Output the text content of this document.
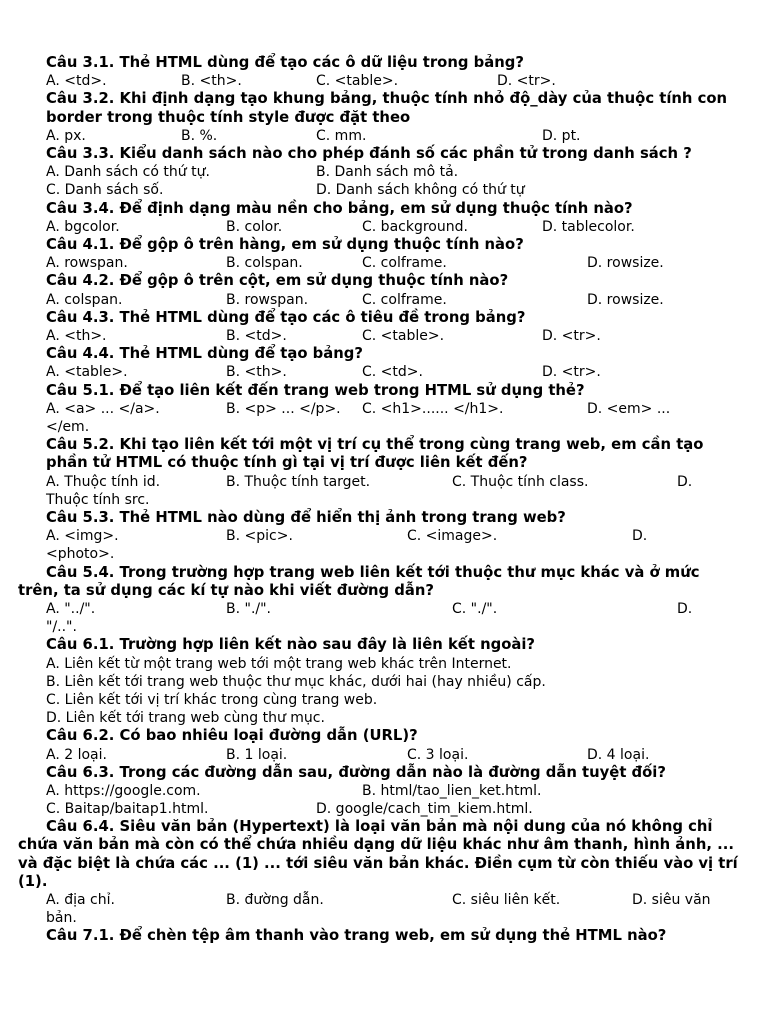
Câu 3.1. Thẻ HTML dùng để tạo các ô dữ liệu trong bảng?
A. <td>.	B. <th>.	C. <table>.	D. <tr>.
Câu 3.2. Khi định dạng tạo khung bảng, thuộc tính nhỏ độ_dày của thuộc tính con border trong thuộc tính style được đặt theo
A. px.	B. %.	C. mm.	D. pt.
Câu 3.3. Kiểu danh sách nào cho phép đánh số các phần tử trong danh sách ?
A. Danh sách có thứ tự.	B. Danh sách mô tả.
C. Danh sách số.	D. Danh sách không có thứ tự
Câu 3.4. Để định dạng màu nền cho bảng, em sử dụng thuộc tính nào?
A. bgcolor.	B. color.	C. background.	D. tablecolor.
Câu 4.1. Để gộp ô trên hàng, em sử dụng thuộc tính nào?
A. rowspan.	B. colspan.	C. colframe.	D. rowsize.
Câu 4.2. Để gộp ô trên cột, em sử dụng thuộc tính nào?
A. colspan.	B. rowspan.	C. colframe.	D. rowsize.
Câu 4.3. Thẻ HTML dùng để tạo các ô tiêu đề trong bảng?
A. <th>.	B. <td>.	C. <table>.	D. <tr>.
Câu 4.4. Thẻ HTML dùng để tạo bảng?
A. <table>.	B. <th>.	C. <td>.	D. <tr>.
Câu 5.1. Để tạo liên kết đến trang web trong HTML sử dụng thẻ?
A. <a> ... </a>.	B. <p> ... </p>. C. <h1>...... </h1>.	D. <em> ...
</em.
Câu 5.2. Khi tạo liên kết tới một vị trí cụ thể trong cùng trang web, em cần tạo phần tử HTML có thuộc tính gì tại vị trí được liên kết đến?
A. Thuộc tính id.	B. Thuộc tính target.	C. Thuộc tính class.	D.
Thuộc tính src.
Câu 5.3. Thẻ HTML nào dùng để hiển thị ảnh trong trang web?
A. <img>.	B. <pic>.	C. <image>.	D.
<photo>.
Câu 5.4. Trong trường hợp trang web liên kết tới thuộc thư mục khác và ở mức trên, ta sử dụng các kí tự nào khi viết đường dẫn?
A. "../".	B. "./".	C. "./".	D.
"/..".
Câu 6.1. Trường hợp liên kết nào sau đây là liên kết ngoài?
A. Liên kết từ một trang web tới một trang web khác trên Internet.
B. Liên kết tới trang web thuộc thư mục khác, dưới hai (hay nhiều) cấp.
C. Liên kết tới vị trí khác trong cùng trang web.
D. Liên kết tới trang web cùng thư mục.
Câu 6.2. Có bao nhiêu loại đường dẫn (URL)?
A. 2 loại.	B. 1 loại.	C. 3 loại.	D. 4 loại.
Câu 6.3. Trong các đường dẫn sau, đường dẫn nào là đường dẫn tuyệt đối?
A. https://google.com.	B. html/tao_lien_ket.html.
C. Baitap/baitap1.html.	D. google/cach_tim_kiem.html.
Câu 6.4. Siêu văn bản (Hypertext) là loại văn bản mà nội dung của nó không chỉ chứa văn bản mà còn có thể chứa nhiều dạng dữ liệu khác như âm thanh, hình ảnh, ... và đặc biệt là chứa các ... (1) ... tới siêu văn bản khác. Điền cụm từ còn thiếu vào vị trí (1).
A. địa chỉ.	B. đường dẫn.	C. siêu liên kết.	D. siêu văn
bản.
Câu 7.1. Để chèn tệp âm thanh vào trang web, em sử dụng thẻ HTML nào?
